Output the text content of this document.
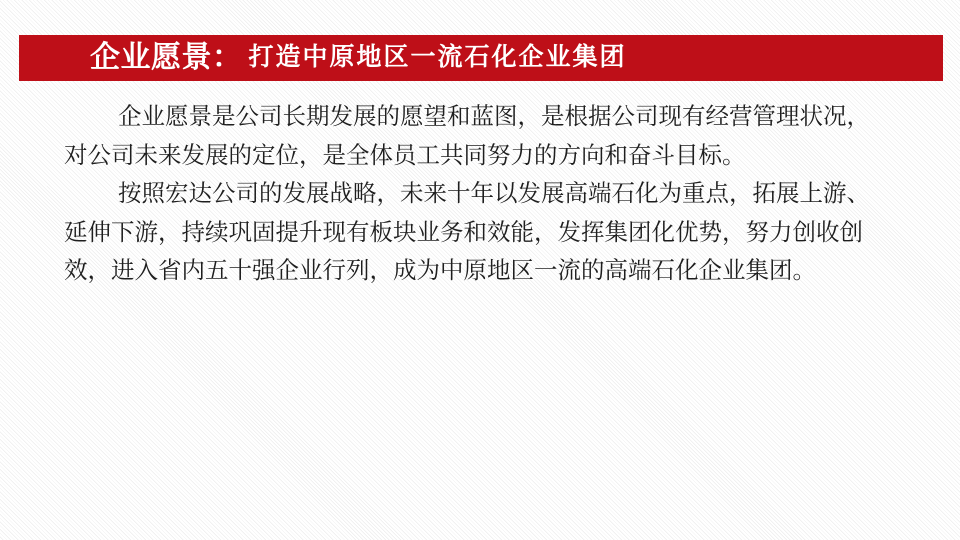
企业愿景： 打造中原地区一流石化企业集团
企业愿景是公司长期发展的愿望和蓝图，是根据公司现有经营管理状况，
对公司未来发展的定位，是全体员工共同努力的方向和奋斗目标。
按照宏达公司的发展战略，未来十年以发展高端石化为重点，拓展上游、
延伸下游，持续巩固提升现有板块业务和效能，发挥集团化优势，努力创收创
效，进入省内五十强企业行列，成为中原地区一流的高端石化企业集团。
